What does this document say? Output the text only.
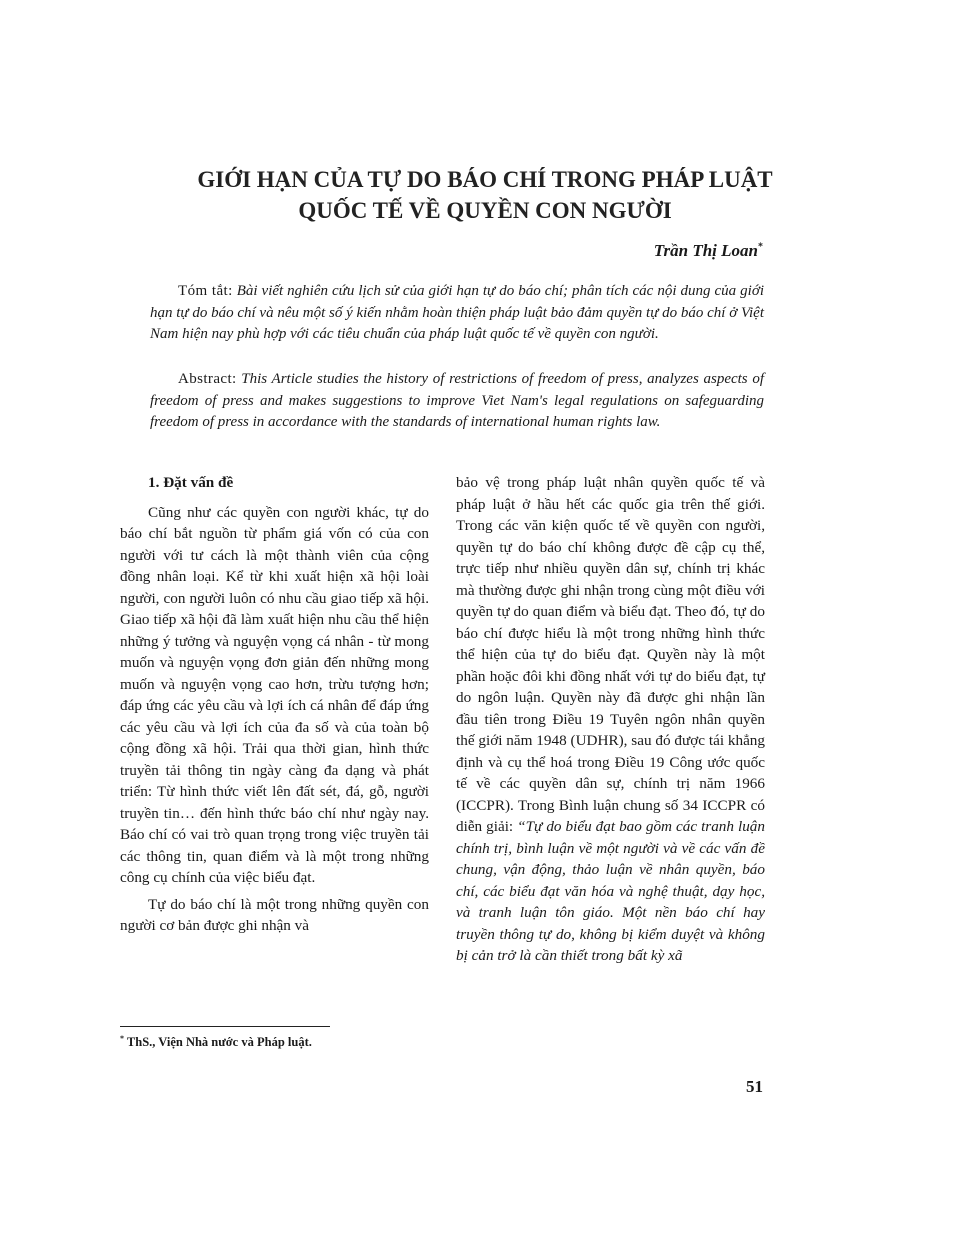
GIỚI HẠN CỦA TỰ DO BÁO CHÍ TRONG PHÁP LUẬT
QUỐC TẾ VỀ QUYỀN CON NGƯỜI
Trần Thị Loan*
Tóm tắt: Bài viết nghiên cứu lịch sử của giới hạn tự do báo chí; phân tích các nội dung của giới hạn tự do báo chí và nêu một số ý kiến nhằm hoàn thiện pháp luật bảo đảm quyền tự do báo chí ở Việt Nam hiện nay phù hợp với các tiêu chuẩn của pháp luật quốc tế về quyền con người.
Abstract: This Article studies the history of restrictions of freedom of press, analyzes aspects of freedom of press and makes suggestions to improve Viet Nam's legal regulations on safeguarding freedom of press in accordance with the standards of international human rights law.
1. Đặt vấn đề

Cũng như các quyền con người khác, tự do báo chí bắt nguồn từ phẩm giá vốn có của con người với tư cách là một thành viên của cộng đồng nhân loại. Kể từ khi xuất hiện xã hội loài người, con người luôn có nhu cầu giao tiếp xã hội. Giao tiếp xã hội đã làm xuất hiện nhu cầu thể hiện những ý tưởng và nguyện vọng cá nhân - từ mong muốn và nguyện vọng đơn giản đến những mong muốn và nguyện vọng cao hơn, trừu tượng hơn; đáp ứng các yêu cầu và lợi ích cá nhân để đáp ứng các yêu cầu và lợi ích của đa số và của toàn bộ cộng đồng xã hội. Trải qua thời gian, hình thức truyền tải thông tin ngày càng đa dạng và phát triển: Từ hình thức viết lên đất sét, đá, gỗ, người truyền tin… đến hình thức báo chí như ngày nay. Báo chí có vai trò quan trọng trong việc truyền tải các thông tin, quan điểm và là một trong những công cụ chính của việc biểu đạt.

Tự do báo chí là một trong những quyền con người cơ bản được ghi nhận và

bảo vệ trong pháp luật nhân quyền quốc tế và pháp luật ở hầu hết các quốc gia trên thế giới. Trong các văn kiện quốc tế về quyền con người, quyền tự do báo chí không được đề cập cụ thể, trực tiếp như nhiều quyền dân sự, chính trị khác mà thường được ghi nhận trong cùng một điều với quyền tự do quan điểm và biểu đạt. Theo đó, tự do báo chí được hiểu là một trong những hình thức thể hiện của tự do biểu đạt. Quyền này là một phần hoặc đôi khi đồng nhất với tự do biểu đạt, tự do ngôn luận. Quyền này đã được ghi nhận lần đầu tiên trong Điều 19 Tuyên ngôn nhân quyền thế giới năm 1948 (UDHR), sau đó được tái khẳng định và cụ thể hoá trong Điều 19 Công ước quốc tế về các quyền dân sự, chính trị năm 1966 (ICCPR). Trong Bình luận chung số 34 ICCPR có diễn giải: “Tự do biểu đạt bao gồm các tranh luận chính trị, bình luận về một người và về các vấn đề chung, vận động, thảo luận về nhân quyền, báo chí, các biểu đạt văn hóa và nghệ thuật, dạy học, và tranh luận tôn giáo. Một nền báo chí hay truyền thông tự do, không bị kiểm duyệt và không bị cản trở là cần thiết trong bất kỳ xã

* ThS., Viện Nhà nước và Pháp luật.
51
